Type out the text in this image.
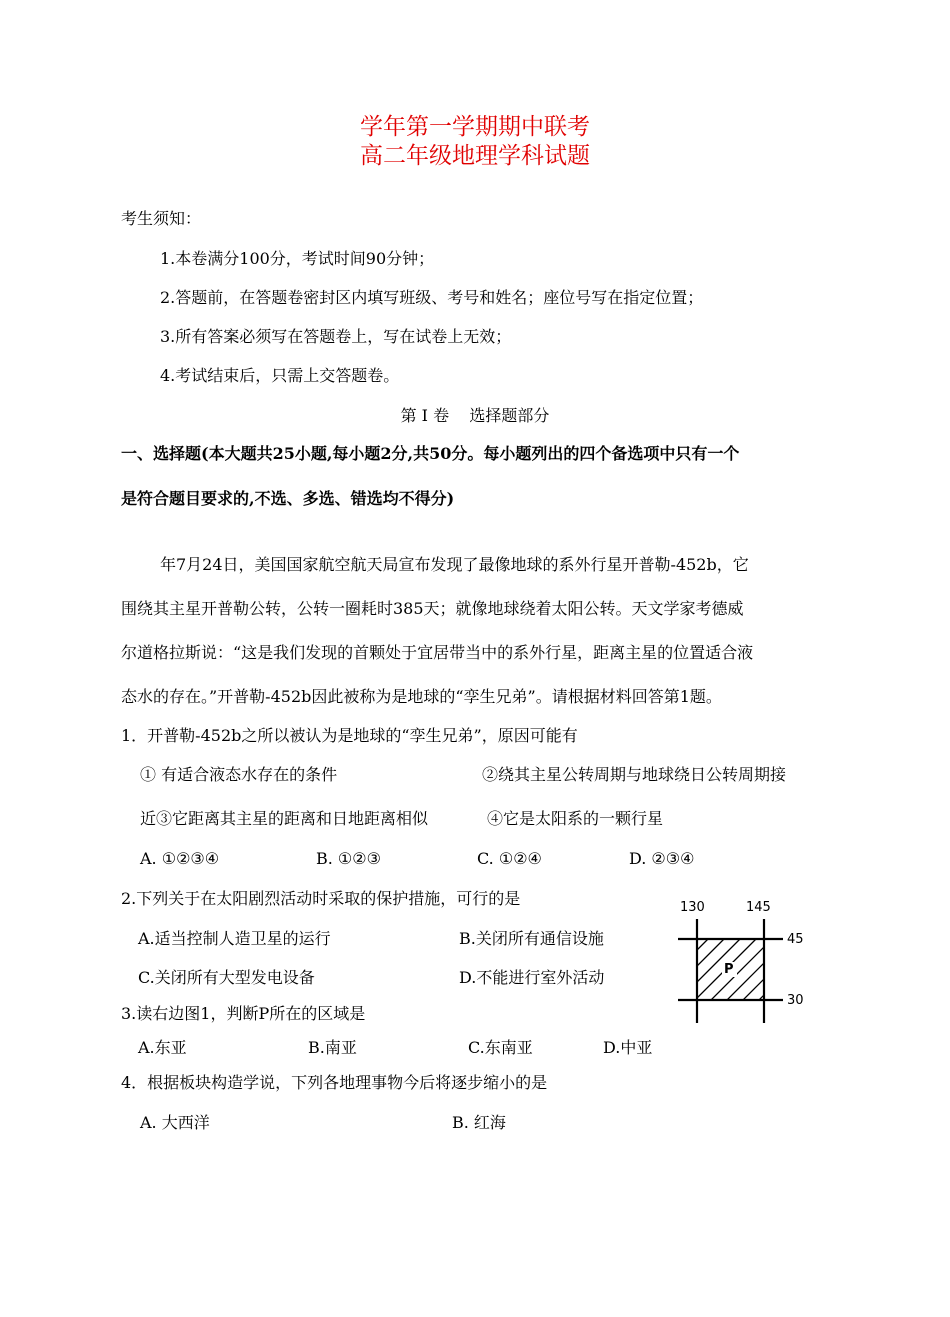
学年第一学期期中联考
高二年级地理学科试题
考生须知：
1.本卷满分100分，考试时间90分钟；
2.答题前，在答题卷密封区内填写班级、考号和姓名；座位号写在指定位置；
3.所有答案必须写在答题卷上，写在试卷上无效；
4.考试结束后，只需上交答题卷。
第 Ⅰ 卷    选择题部分
一、选择题(本大题共25小题,每小题2分,共50分。每小题列出的四个备选项中只有一个
是符合题目要求的,不选、多选、错选均不得分)
年7月24日，美国国家航空航天局宣布发现了最像地球的系外行星开普勒-452b，它
围绕其主星开普勒公转，公转一圈耗时385天；就像地球绕着太阳公转。天文学家考德威
尔道格拉斯说：“这是我们发现的首颗处于宜居带当中的系外行星，距离主星的位置适合液
态水的存在。”开普勒-452b因此被称为是地球的“孪生兄弟”。请根据材料回答第1题。
1．开普勒-452b之所以被认为是地球的“孪生兄弟”，原因可能有
① 有适合液态水存在的条件	②绕其主星公转周期与地球绕日公转周期接
近③它距离其主星的距离和日地距离相似	④它是太阳系的一颗行星
A. ①②③④	B. ①②③	C. ①②④	D. ②③④
2.下列关于在太阳剧烈活动时采取的保护措施，可行的是
A.适当控制人造卫星的运行	B.关闭所有通信设施
C.关闭所有大型发电设备	D.不能进行室外活动
3.读右边图1，判断P所在的区域是
A.东亚	B.南亚	C.东南亚	D.中亚
4．根据板块构造学说，下列各地理事物今后将逐步缩小的是
A. 大西洋	B. 红海
130	145
45
30
P
